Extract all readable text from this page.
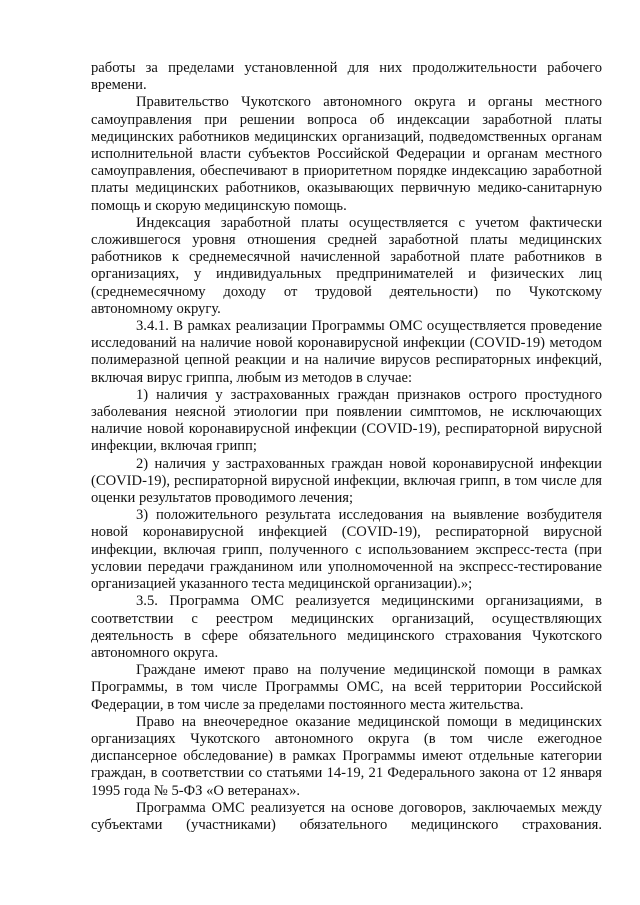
работы за пределами установленной для них продолжительности рабочего времени.

Правительство Чукотского автономного округа и органы местного самоуправления при решении вопроса об индексации заработной платы медицинских работников медицинских организаций, подведомственных органам исполнительной власти субъектов Российской Федерации и органам местного самоуправления, обеспечивают в приоритетном порядке индексацию заработной платы медицинских работников, оказывающих первичную медико-санитарную помощь и скорую медицинскую помощь.

Индексация заработной платы осуществляется с учетом фактически сложившегося уровня отношения средней заработной платы медицинских работников к среднемесячной начисленной заработной плате работников в организациях, у индивидуальных предпринимателей и физических лиц (среднемесячному доходу от трудовой деятельности) по Чукотскому автономному округу.

3.4.1. В рамках реализации Программы ОМС осуществляется проведение исследований на наличие новой коронавирусной инфекции (COVID-19) методом полимеразной цепной реакции и на наличие вирусов респираторных инфекций, включая вирус гриппа, любым из методов в случае:

1) наличия у застрахованных граждан признаков острого простудного заболевания неясной этиологии при появлении симптомов, не исключающих наличие новой коронавирусной инфекции (COVID-19), респираторной вирусной инфекции, включая грипп;

2) наличия у застрахованных граждан новой коронавирусной инфекции (COVID-19), респираторной вирусной инфекции, включая грипп, в том числе для оценки результатов проводимого лечения;

3) положительного результата исследования на выявление возбудителя новой коронавирусной инфекцией (COVID-19), респираторной вирусной инфекции, включая грипп, полученного с использованием экспресс-теста (при условии передачи гражданином или уполномоченной на экспресс-тестирование организацией указанного теста медицинской организации).»;

3.5. Программа ОМС реализуется медицинскими организациями, в соответствии с реестром медицинских организаций, осуществляющих деятельность в сфере обязательного медицинского страхования Чукотского автономного округа.

Граждане имеют право на получение медицинской помощи в рамках Программы, в том числе Программы ОМС, на всей территории Российской Федерации, в том числе за пределами постоянного места жительства.

Право на внеочередное оказание медицинской помощи в медицинских организациях Чукотского автономного округа (в том числе ежегодное диспансерное обследование) в рамках Программы имеют отдельные категории граждан, в соответствии со статьями 14-19, 21 Федерального закона от 12 января 1995 года № 5-ФЗ «О ветеранах».

Программа ОМС реализуется на основе договоров, заключаемых между субъектами (участниками) обязательного медицинского страхования.
